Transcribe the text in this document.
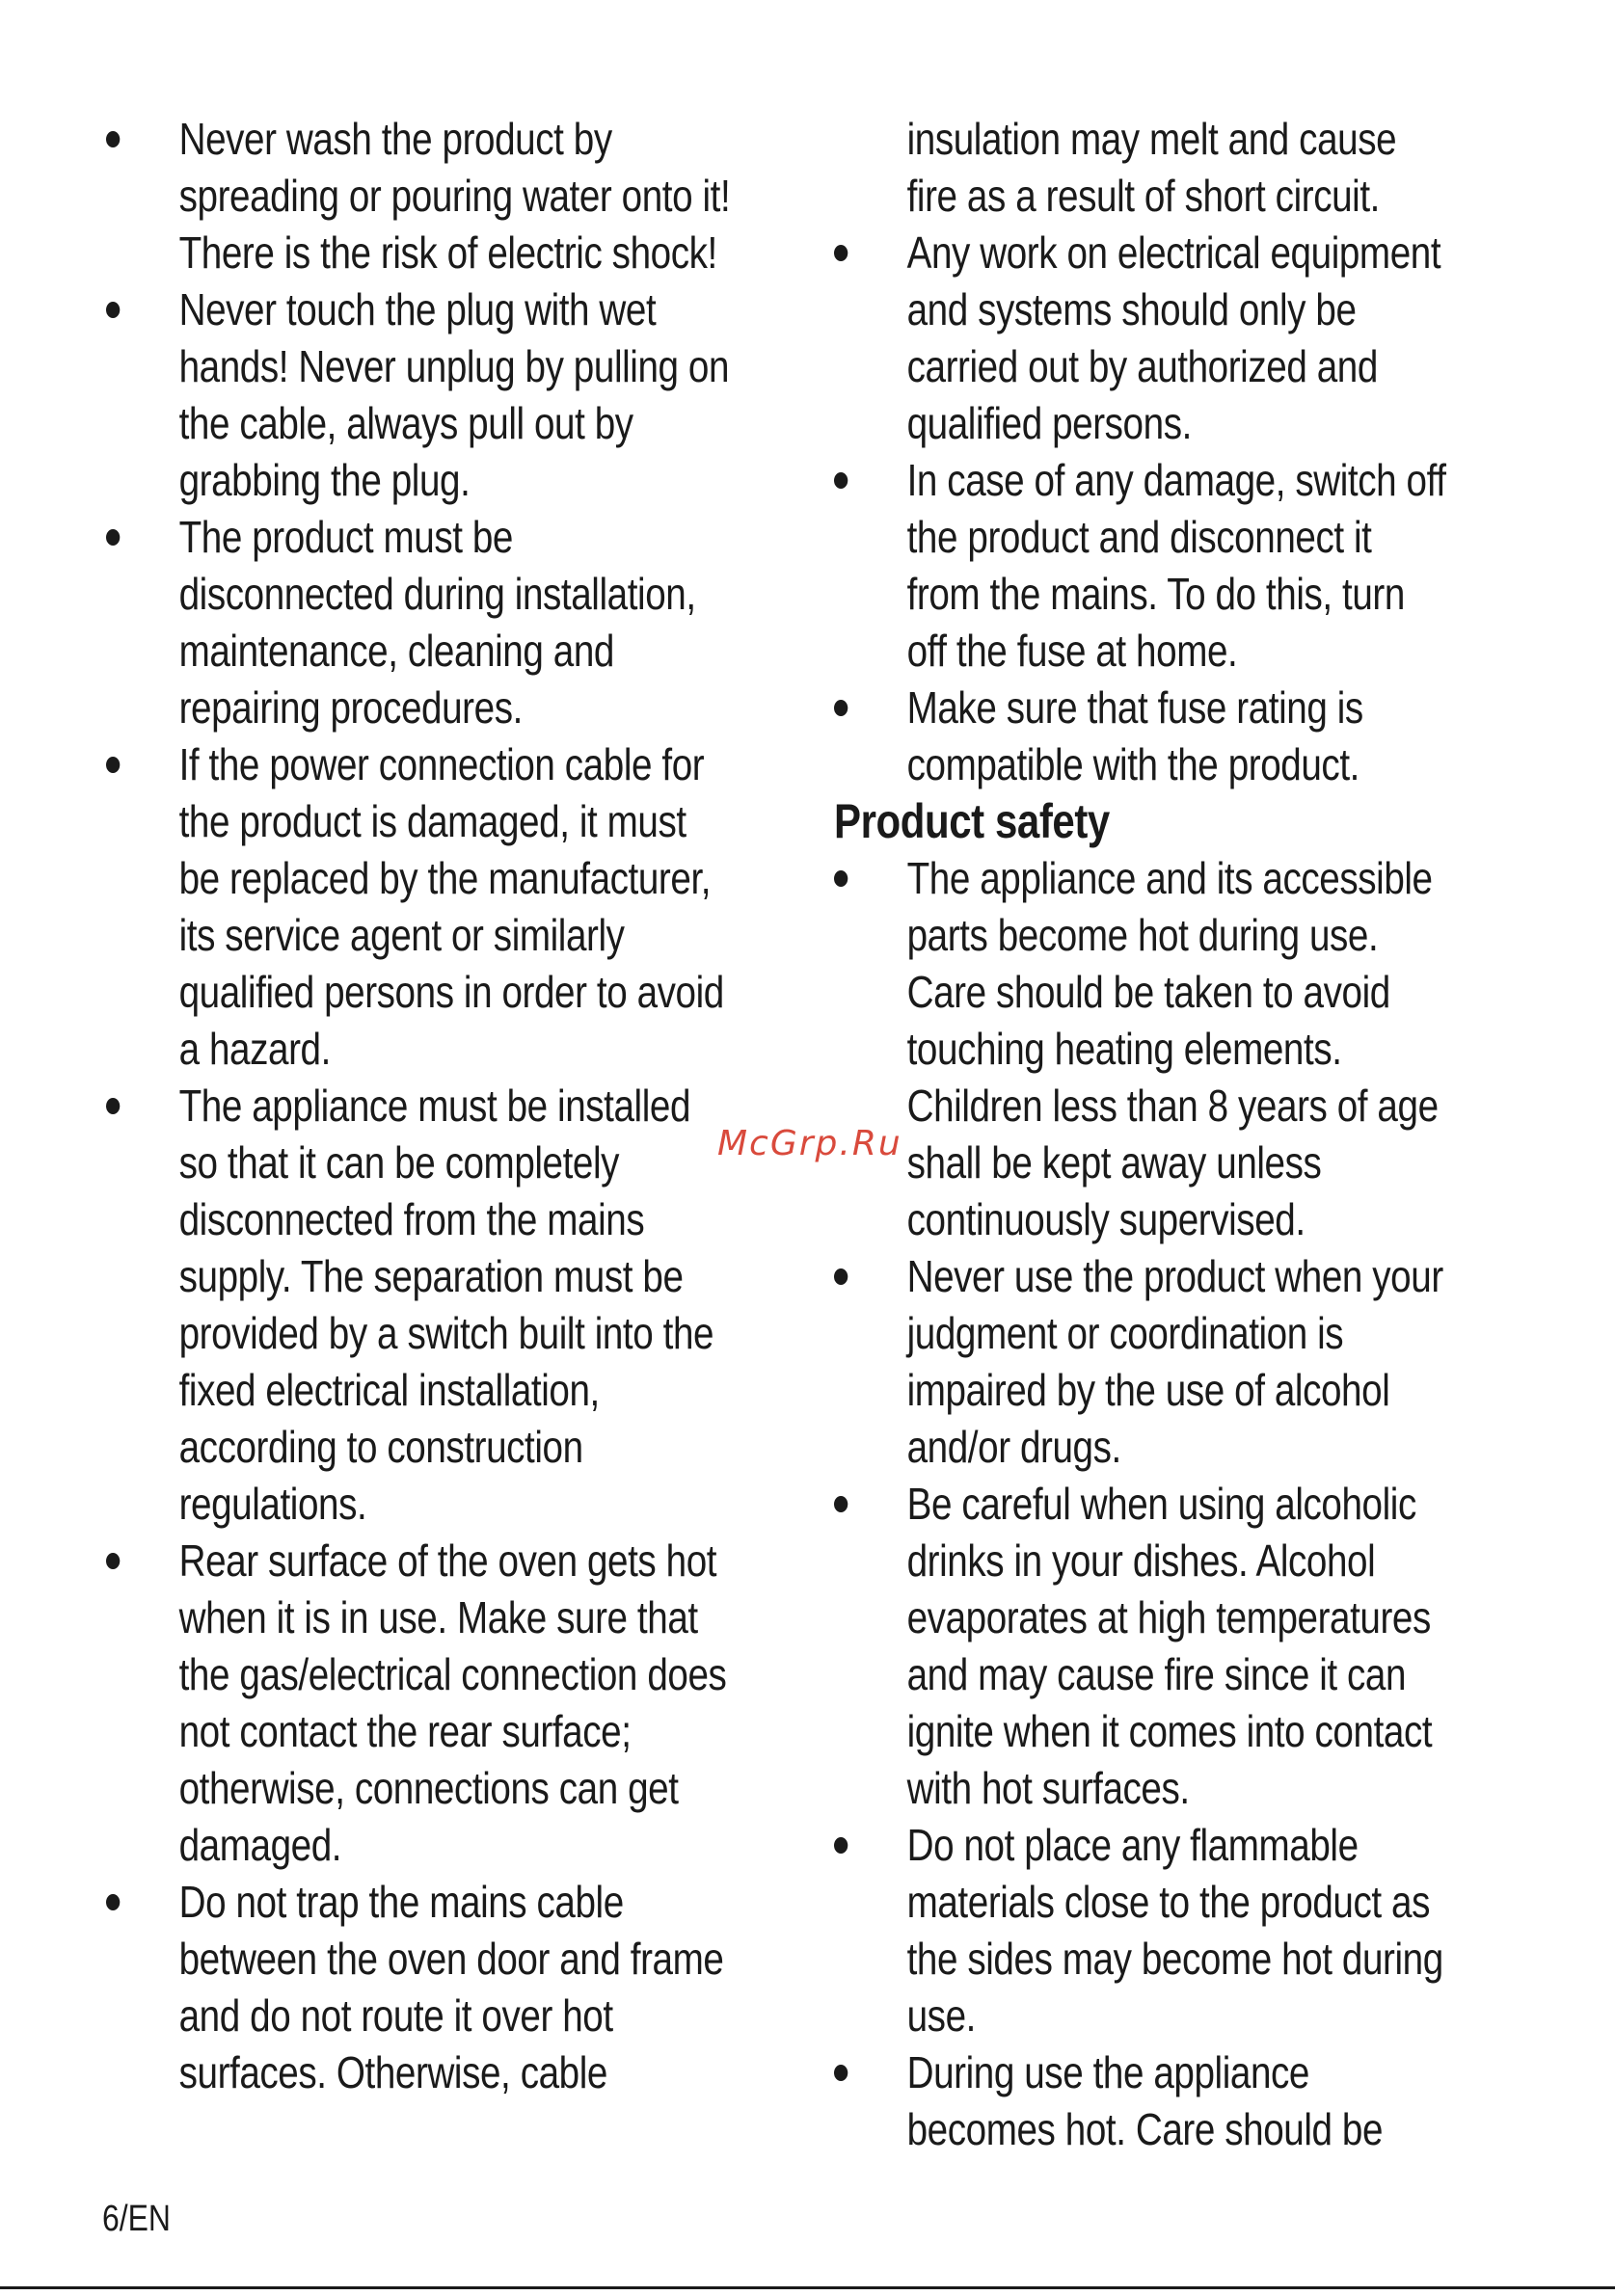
Never wash the product by
spreading or pouring water onto it!
There is the risk of electric shock!
Never touch the plug with wet
hands! Never unplug by pulling on
the cable, always pull out by
grabbing the plug.
The product must be
disconnected during installation,
maintenance, cleaning and
repairing procedures.
If the power connection cable for
the product is damaged, it must
be replaced by the manufacturer,
its service agent or similarly
qualified persons in order to avoid
a hazard.
The appliance must be installed
so that it can be completely
disconnected from the mains
supply. The separation must be
provided by a switch built into the
fixed electrical installation,
according to construction
regulations.
Rear surface of the oven gets hot
when it is in use. Make sure that
the gas/electrical connection does
not contact the rear surface;
otherwise, connections can get
damaged.
Do not trap the mains cable
between the oven door and frame
and do not route it over hot
surfaces. Otherwise, cable
insulation may melt and cause
fire as a result of short circuit.
Any work on electrical equipment
and systems should only be
carried out by authorized and
qualified persons.
In case of any damage, switch off
the product and disconnect it
from the mains. To do this, turn
off the fuse at home.
Make sure that fuse rating is
compatible with the product.
Product safety
The appliance and its accessible
parts become hot during use.
Care should be taken to avoid
touching heating elements.
Children less than 8 years of age
shall be kept away unless
continuously supervised.
Never use the product when your
judgment or coordination is
impaired by the use of alcohol
and/or drugs.
Be careful when using alcoholic
drinks in your dishes. Alcohol
evaporates at high temperatures
and may cause fire since it can
ignite when it comes into contact
with hot surfaces.
Do not place any flammable
materials close to the product as
the sides may become hot during
use.
During use the appliance
becomes hot. Care should be
McGrp.Ru
6/EN
